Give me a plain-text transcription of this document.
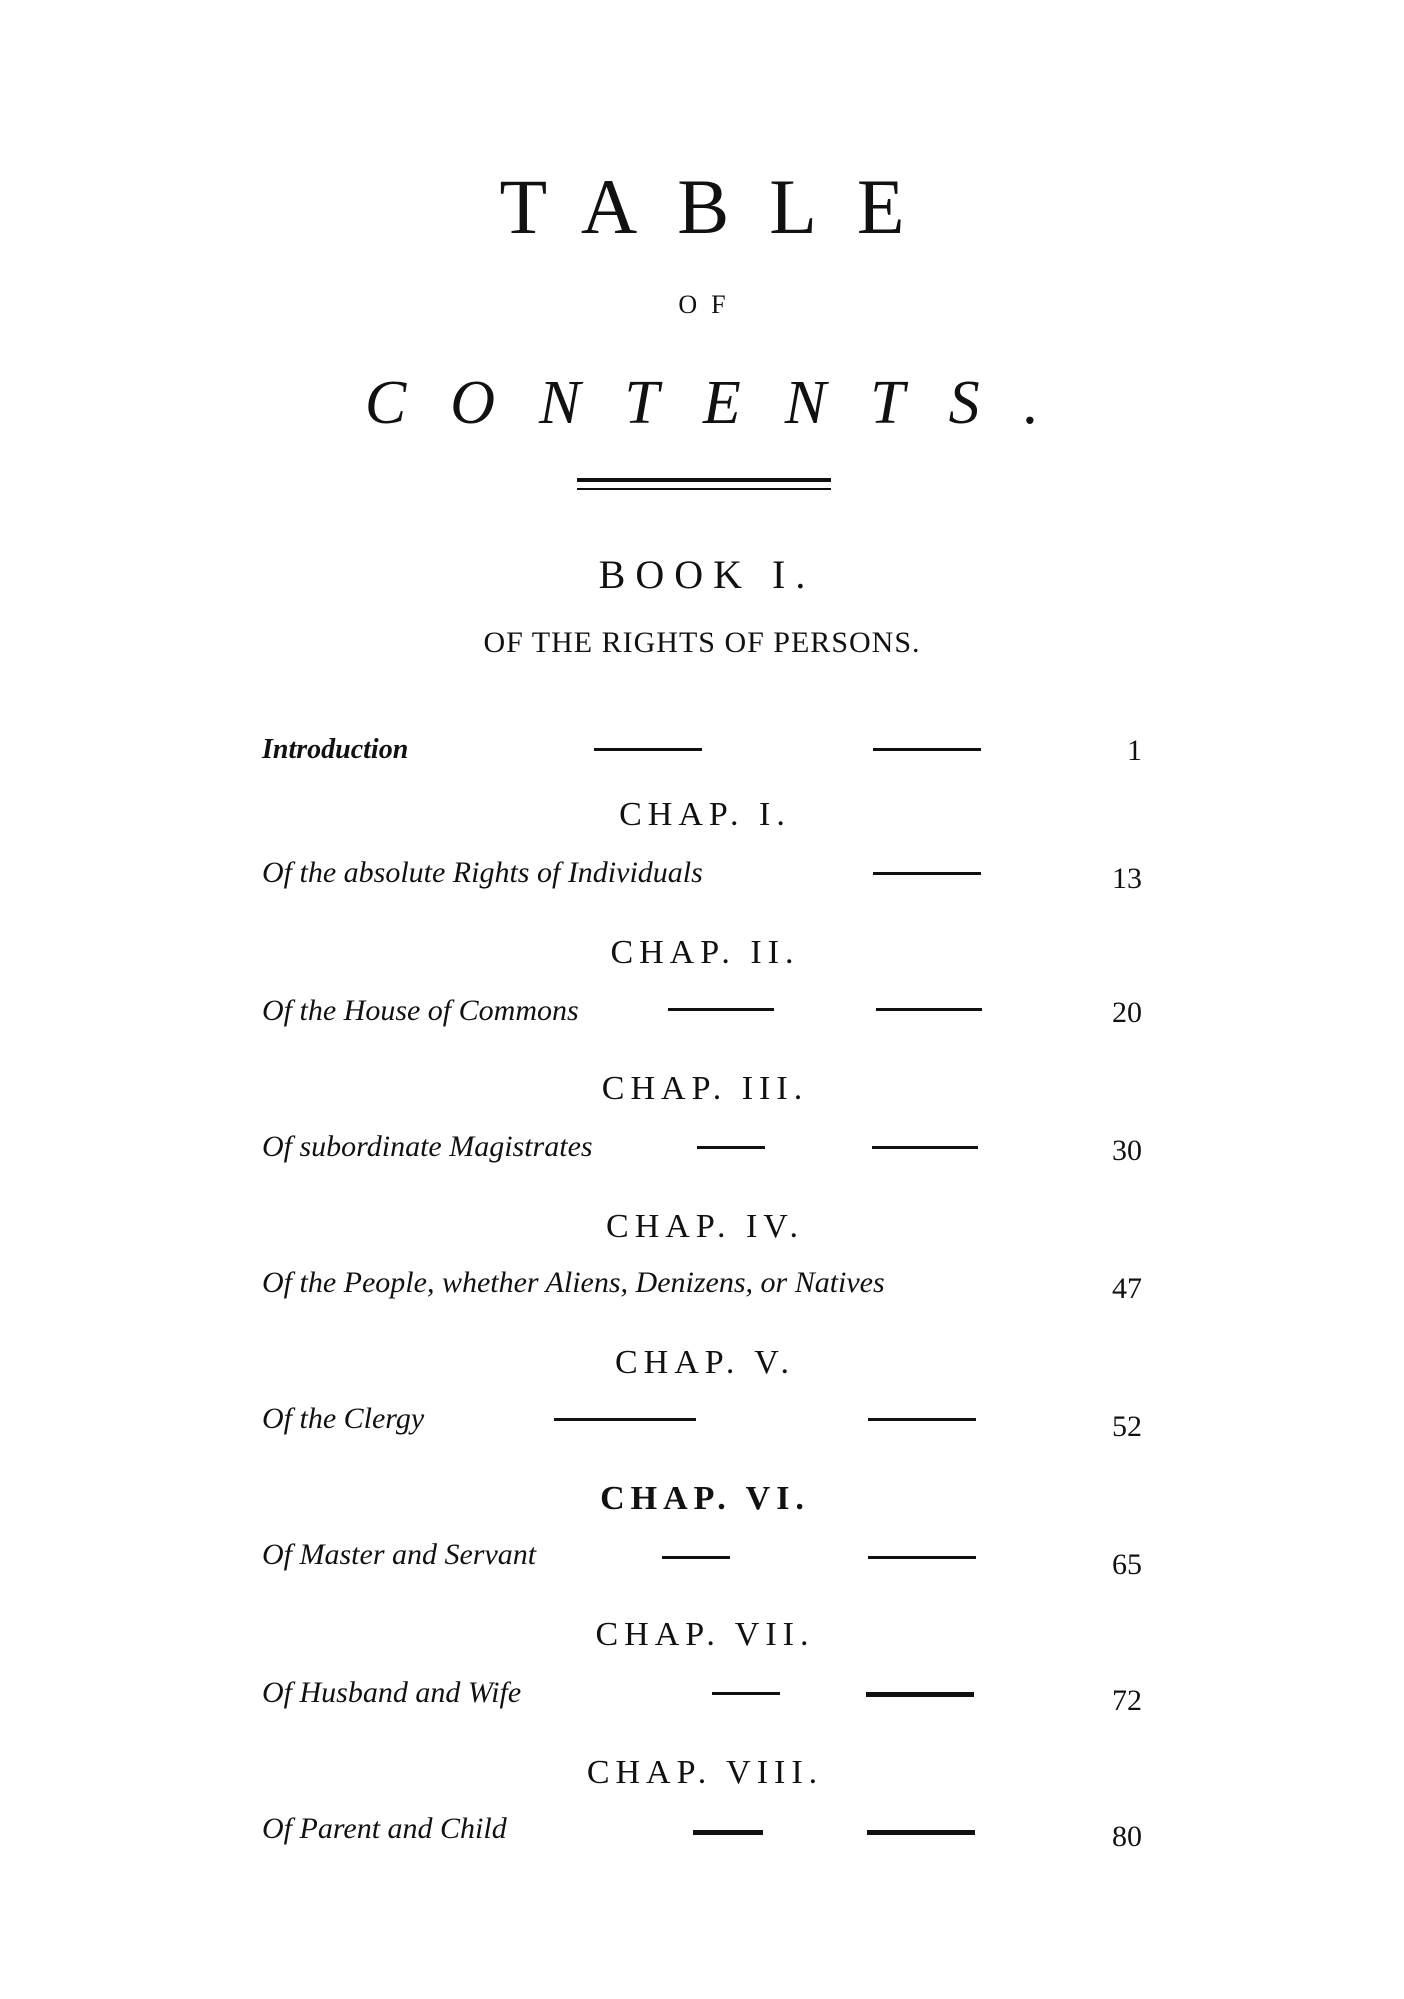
TABLE
OF
CONTENTS.
BOOK I.
OF THE RIGHTS OF PERSONS.
Introduction	1
CHAP. I.
Of the absolute Rights of Individuals	13
CHAP. II.
Of the House of Commons	20
CHAP. III.
Of subordinate Magistrates	30
CHAP. IV.
Of the People, whether Aliens, Denizens, or Natives	47
CHAP. V.
Of the Clergy	52
CHAP. VI.
Of Master and Servant	65
CHAP. VII.
Of Husband and Wife	72
CHAP. VIII.
Of Parent and Child	80
